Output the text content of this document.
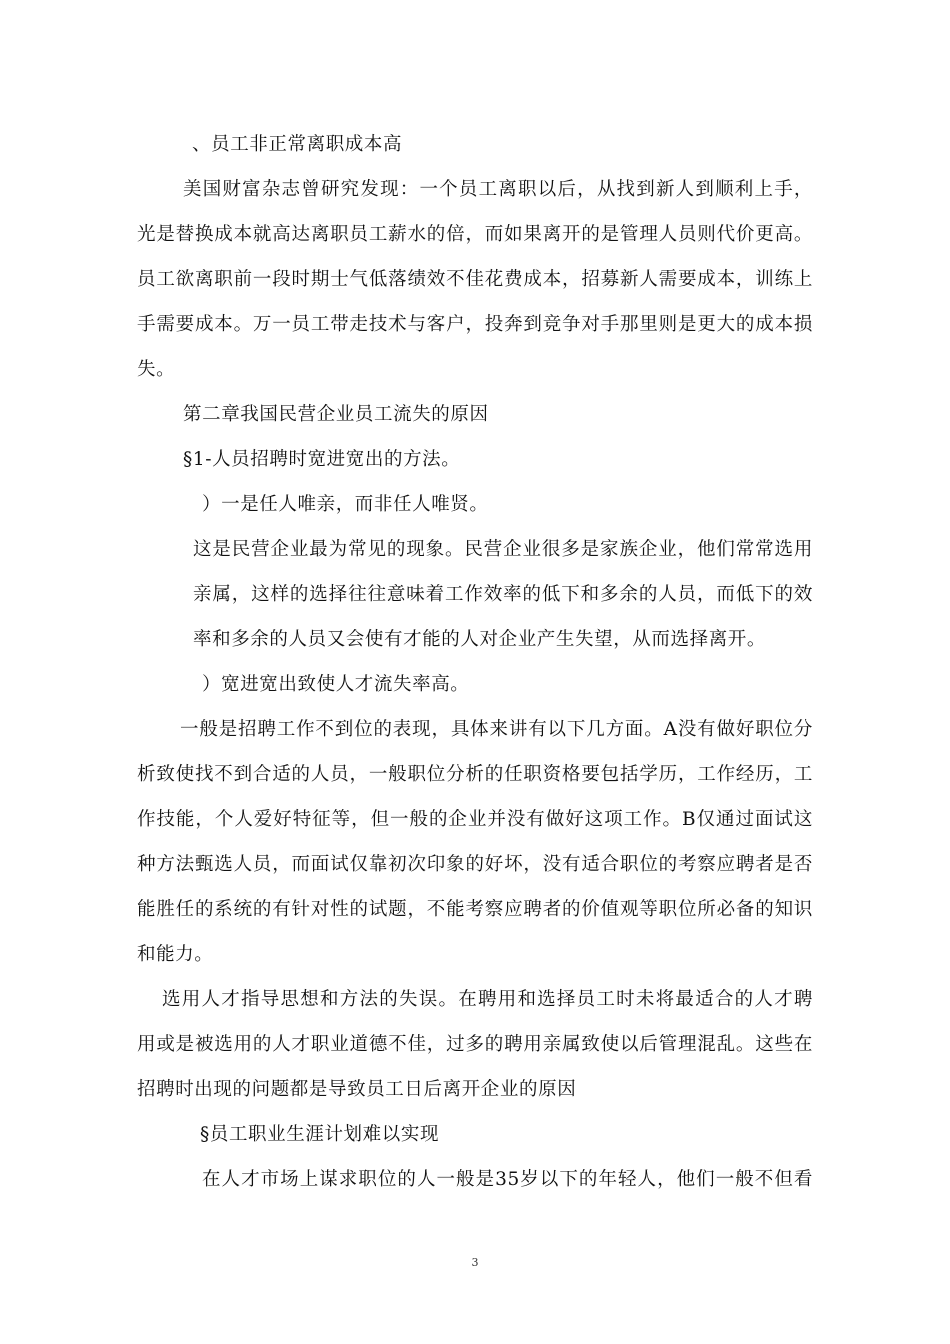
、员工非正常离职成本高
美国财富杂志曾研究发现：一个员工离职以后，从找到新人到顺利上手，
光是替换成本就高达离职员工薪水的倍，而如果离开的是管理人员则代价更高。
员工欲离职前一段时期士气低落绩效不佳花费成本，招募新人需要成本，训练上
手需要成本。万一员工带走技术与客户，投奔到竞争对手那里则是更大的成本损
失。
第二章我国民营企业员工流失的原因
§1-人员招聘时宽进宽出的方法。
）一是任人唯亲，而非任人唯贤。
这是民营企业最为常见的现象。民营企业很多是家族企业，他们常常选用
亲属，这样的选择往往意味着工作效率的低下和多余的人员，而低下的效
率和多余的人员又会使有才能的人对企业产生失望，从而选择离开。
）宽进宽出致使人才流失率高。
一般是招聘工作不到位的表现，具体来讲有以下几方面。A没有做好职位分
析致使找不到合适的人员，一般职位分析的任职资格要包括学历，工作经历，工
作技能，个人爱好特征等，但一般的企业并没有做好这项工作。B仅通过面试这
种方法甄选人员，而面试仅靠初次印象的好坏，没有适合职位的考察应聘者是否
能胜任的系统的有针对性的试题，不能考察应聘者的价值观等职位所必备的知识
和能力。
选用人才指导思想和方法的失误。在聘用和选择员工时未将最适合的人才聘
用或是被选用的人才职业道德不佳，过多的聘用亲属致使以后管理混乱。这些在
招聘时出现的问题都是导致员工日后离开企业的原因
§员工职业生涯计划难以实现
在人才市场上谋求职位的人一般是35岁以下的年轻人，他们一般不但看
3
